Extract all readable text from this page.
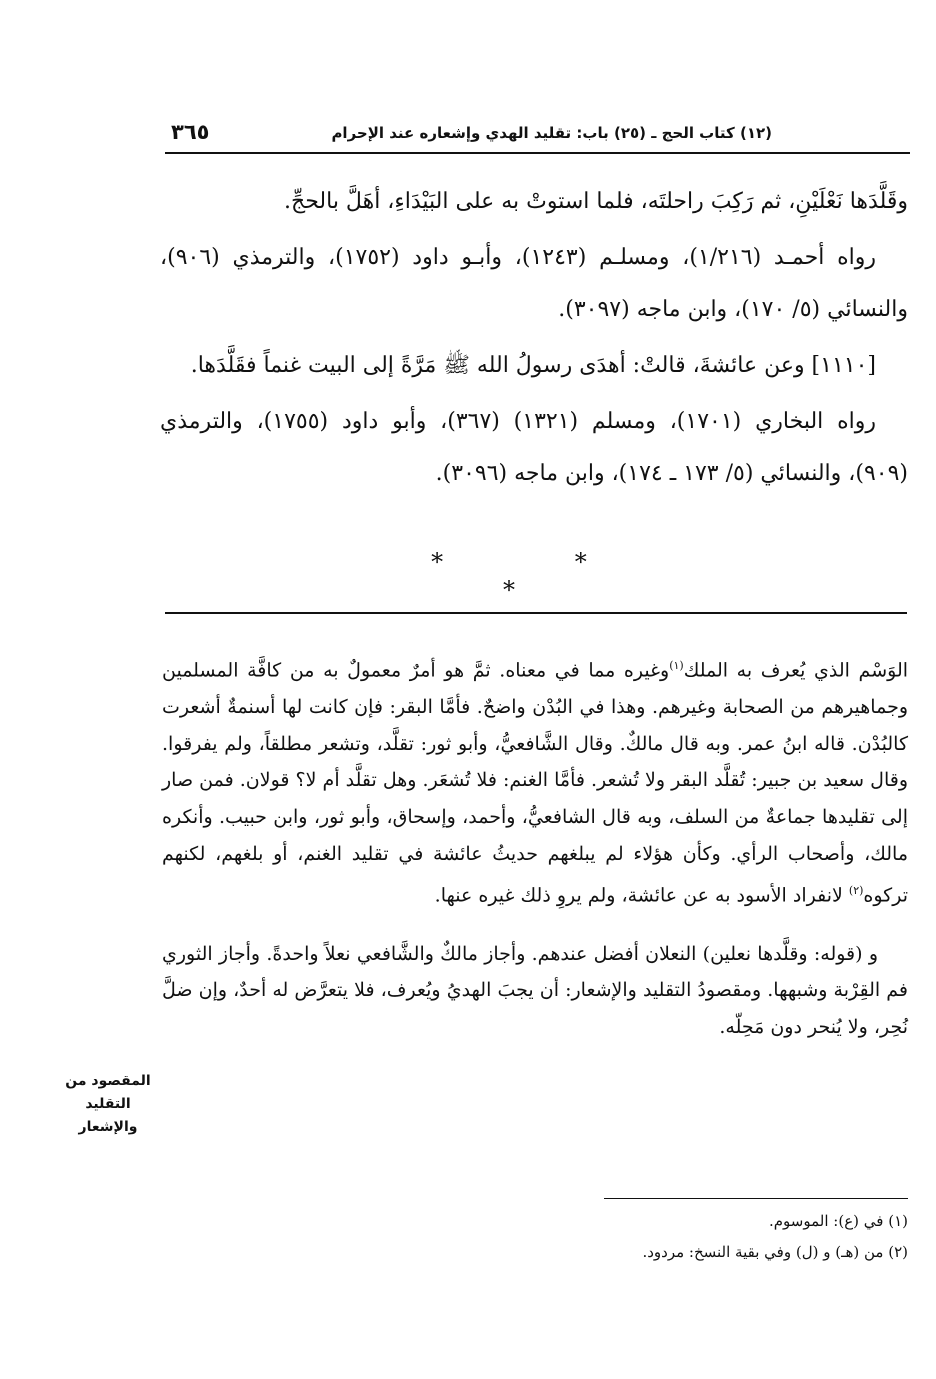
٣٦٥	(١٢) كتاب الحج ـ (٢٥) باب: تقليد الهدي وإشعاره عند الإحرام

وقَلَّدَها نَعْلَيْنِ، ثم رَكِبَ راحلتَه، فلما استوتْ به على البَيْدَاءِ، أهَلَّ بالحجِّ.

رواه أحمـد (١/٢١٦)، ومسلـم (١٢٤٣)، وأبـو داود (١٧٥٢)، والترمذي (٩٠٦)، والنسائي (٥/ ١٧٠)، وابن ماجه (٣٠٩٧).

[١١١٠] وعن عائشةَ، قالتْ: أهدَى رسولُ الله ﷺ مَرَّةً إلى البيت غنماً فقَلَّدَها.

رواه البخاري (١٧٠١)، ومسلم (١٣٢١) (٣٦٧)، وأبو داود (١٧٥٥)، والترمذي (٩٠٩)، والنسائي (٥/ ١٧٣ ـ ١٧٤)، وابن ماجه (٣٠٩٦).

* * *

الوَسْم الذي يُعرف به الملك$^{(١)}$وغيره مما في معناه. ثمَّ هو أمرٌ معمولٌ به من كافَّة المسلمين وجماهيرهم من الصحابة وغيرهم. وهذا في البُدْن واضحٌ. فأمَّا البقر: فإن كانت لها أسنمةٌ أشعرت كالبُدْن. قاله ابنُ عمر. وبه قال مالكٌ. وقال الشَّافعيُّ، وأبو ثور: تقلَّد، وتشعر مطلقاً، ولم يفرقوا. وقال سعيد بن جبير: تُقلَّد البقر ولا تُشعر. فأمَّا الغنم: فلا تُشعَر. وهل تقلَّد أم لا؟ قولان. فمن صار إلى تقليدها جماعةٌ من السلف، وبه قال الشافعيُّ، وأحمد، وإسحاق، وأبو ثور، وابن حبيب. وأنكره مالك، وأصحاب الرأي. وكأن هؤلاء لم يبلغهم حديثُ عائشة في تقليد الغنم، أو بلغهم، لكنهم تركوه$^{(٢)}$ لانفراد الأسود به عن عائشة، ولم يروِ ذلك غيره عنها.

و (قوله: وقلَّدها نعلين) النعلان أفضل عندهم. وأجاز مالكٌ والشَّافعي نعلاً واحدةً. وأجاز الثوري فم القِرْبة وشبهها. ومقصودُ التقليد والإشعار: أن يجبَ الهديُ ويُعرف، فلا يتعرَّض له أحدٌ، وإن ضلَّ نُحِر، ولا يُنحر دون مَحِلّه.

المقصود من
التقليد
والإشعار

(١) في (ع): الموسوم.

(٢) من (هـ) و (ل) وفي بقية النسخ: مردود.
